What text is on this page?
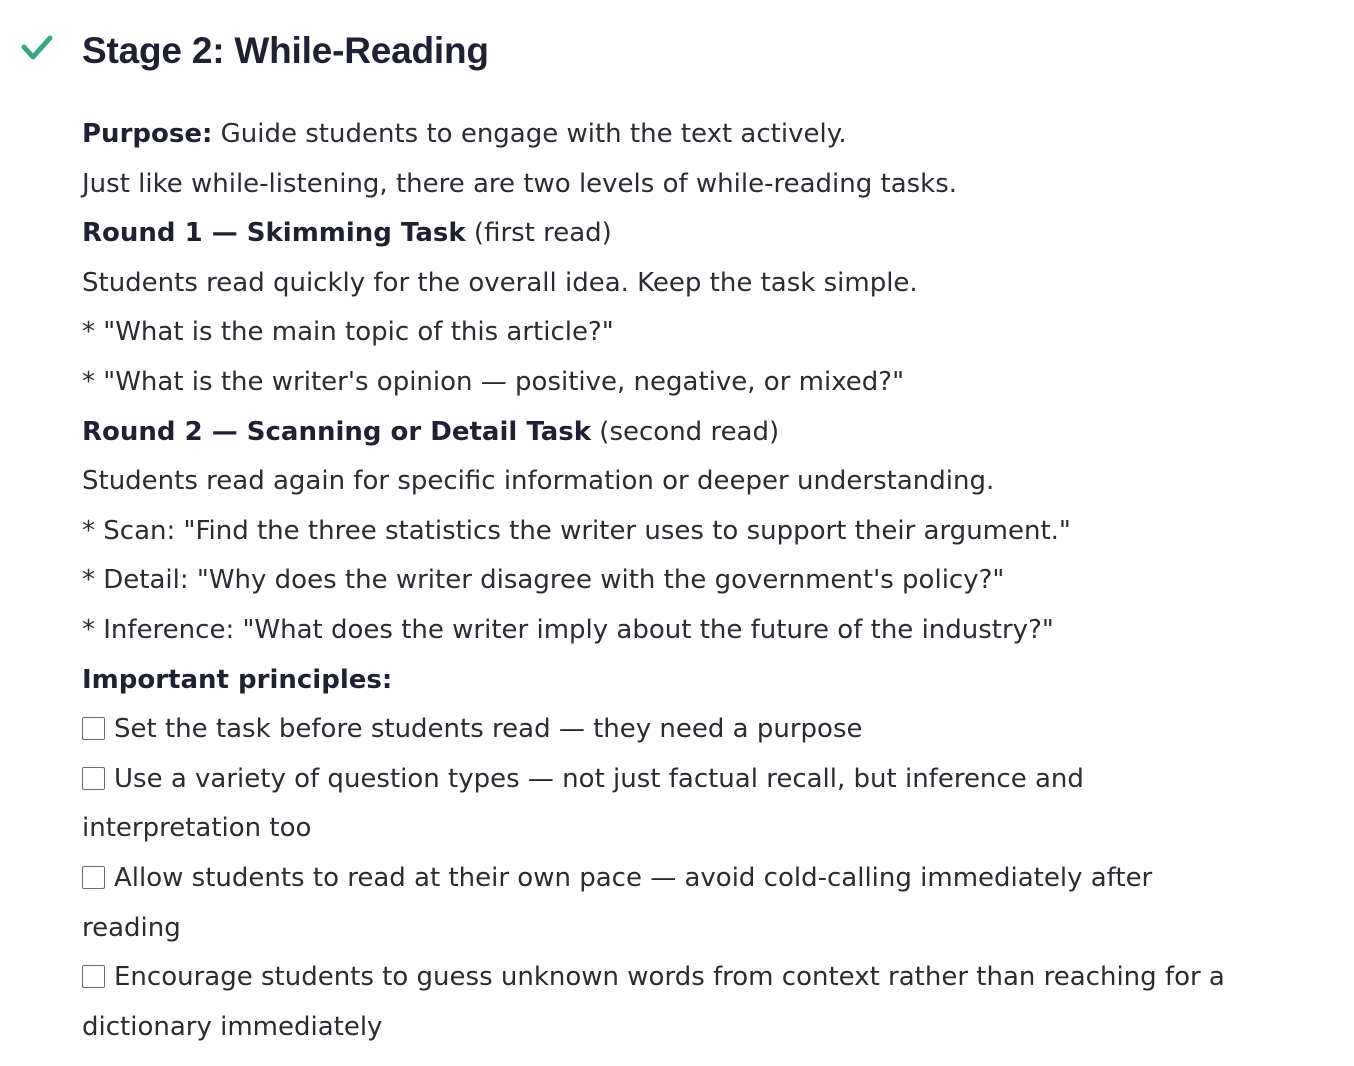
Stage 2: While-Reading
Purpose: Guide students to engage with the text actively.
Just like while-listening, there are two levels of while-reading tasks.
Round 1 — Skimming Task (first read)
Students read quickly for the overall idea. Keep the task simple.
* "What is the main topic of this article?"
* "What is the writer's opinion — positive, negative, or mixed?"
Round 2 — Scanning or Detail Task (second read)
Students read again for specific information or deeper understanding.
* Scan: "Find the three statistics the writer uses to support their argument."
* Detail: "Why does the writer disagree with the government's policy?"
* Inference: "What does the writer imply about the future of the industry?"
Important principles:
Set the task before students read — they need a purpose
Use a variety of question types — not just factual recall, but inference and interpretation too
Allow students to read at their own pace — avoid cold-calling immediately after reading
Encourage students to guess unknown words from context rather than reaching for a dictionary immediately
